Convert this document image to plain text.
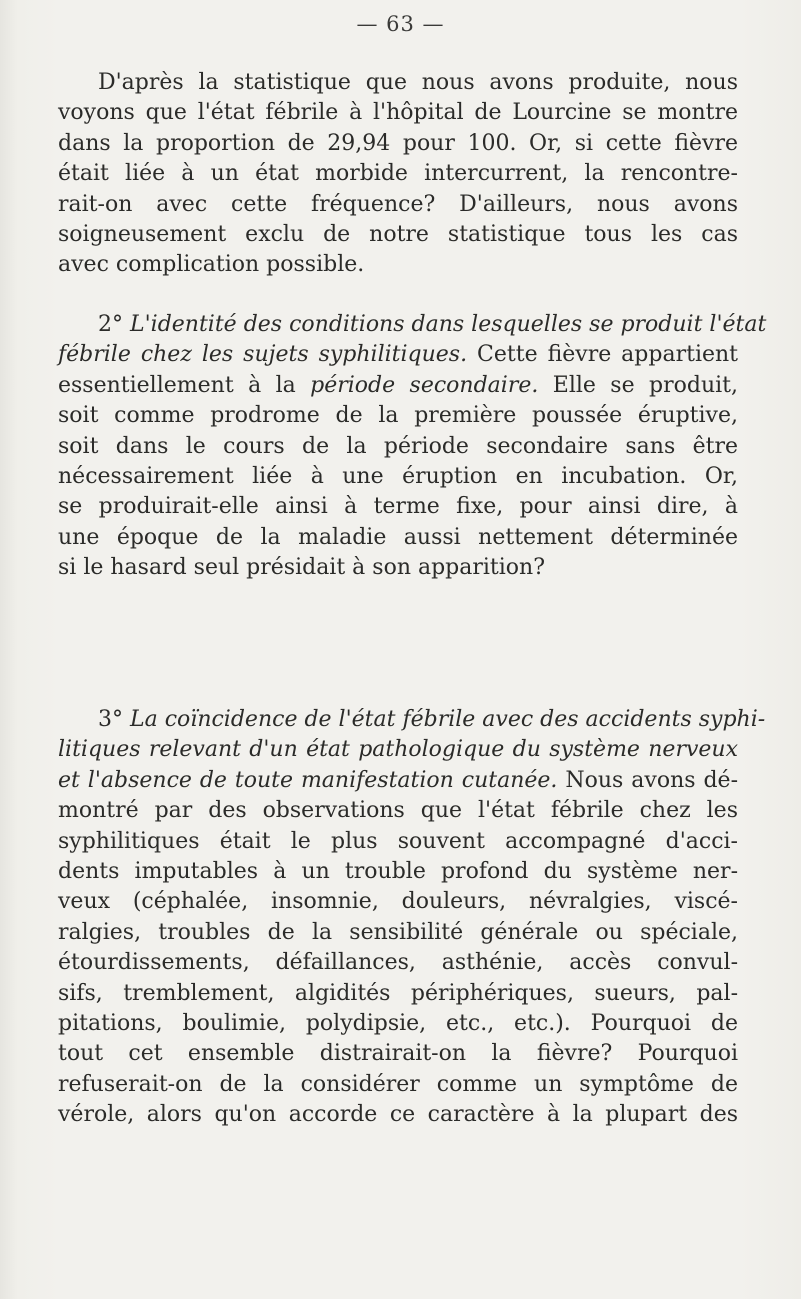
— 63 —
D'après la statistique que nous avons produite, nous
voyons que l'état fébrile à l'hôpital de Lourcine se montre
dans la proportion de 29,94 pour 100. Or, si cette fièvre
était liée à un état morbide intercurrent, la rencontre-
rait-on avec cette fréquence? D'ailleurs, nous avons
soigneusement exclu de notre statistique tous les cas
avec complication possible.
2° L'identité des conditions dans lesquelles se produit l'état
fébrile chez les sujets syphilitiques. Cette fièvre appartient
essentiellement à la période secondaire. Elle se produit,
soit comme prodrome de la première poussée éruptive,
soit dans le cours de la période secondaire sans être
nécessairement liée à une éruption en incubation. Or,
se produirait-elle ainsi à terme fixe, pour ainsi dire, à
une époque de la maladie aussi nettement déterminée
si le hasard seul présidait à son apparition?
3° La coïncidence de l'état fébrile avec des accidents syphi-
litiques relevant d'un état pathologique du système nerveux
et l'absence de toute manifestation cutanée. Nous avons dé-
montré par des observations que l'état fébrile chez les
syphilitiques était le plus souvent accompagné d'acci-
dents imputables à un trouble profond du système ner-
veux (céphalée, insomnie, douleurs, névralgies, viscé-
ralgies, troubles de la sensibilité générale ou spéciale,
étourdissements, défaillances, asthénie, accès convul-
sifs, tremblement, algidités périphériques, sueurs, pal-
pitations, boulimie, polydipsie, etc., etc.). Pourquoi de
tout cet ensemble distrairait-on la fièvre? Pourquoi
refuserait-on de la considérer comme un symptôme de
vérole, alors qu'on accorde ce caractère à la plupart des
